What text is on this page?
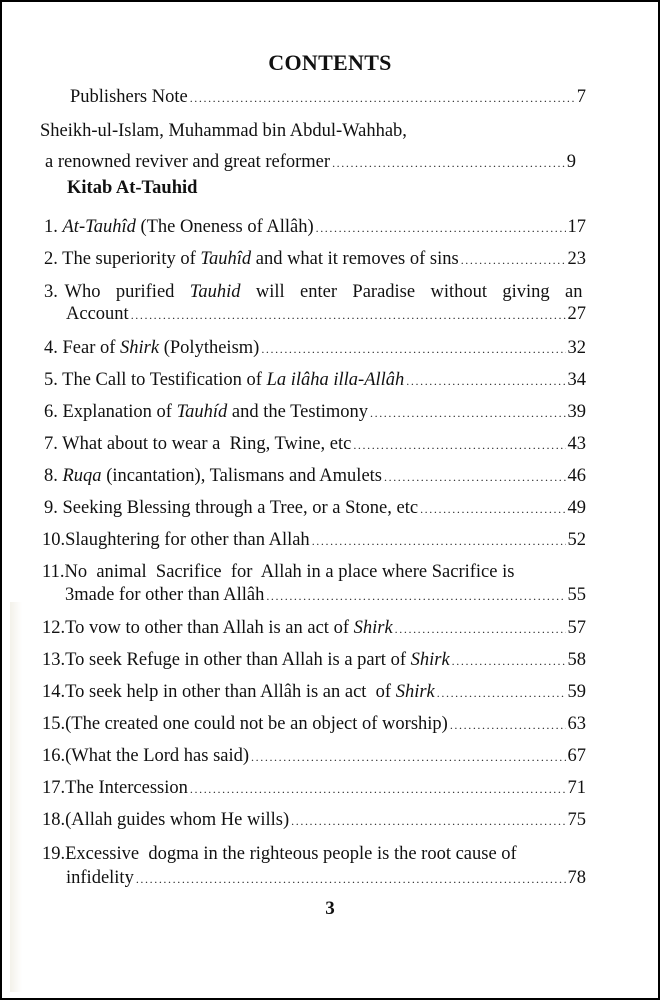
CONTENTS
Publishers Note .....	7
Sheikh-ul-Islam, Muhammad bin Abdul-Wahhab,
a renowned reviver and great reformer .....	9
Kitab At-Tauhid
1. At-Tauhîd (The Oneness of Allâh) .....	17
2. The superiority of Tauhîd and what it removes of sins .....	23
3. Who purified Tauhid will enter Paradise without giving an
Account .....	27
4. Fear of Shirk (Polytheism) .....	32
5. The Call to Testification of La ilâha illa-Allâh .....	34
6. Explanation of Tauhíd and the Testimony .....	39
7. What about to wear a  Ring, Twine, etc .....	43
8. Ruqa (incantation), Talismans and Amulets .....	46
9. Seeking Blessing through a Tree, or a Stone, etc .....	49
10.Slaughtering for other than Allah .....	52
11.No  animal  Sacrifice  for  Allah in a place where Sacrifice is
3made for other than Allâh .....	55
12.To vow to other than Allah is an act of Shirk .....	57
13.To seek Refuge in other than Allah is a part of Shirk .....	58
14.To seek help in other than Allâh is an act  of Shirk .....	59
15.(The created one could not be an object of worship) .....	63
16.(What the Lord has said) .....	67
17.The Intercession .....	71
18.(Allah guides whom He wills) .....	75
19.Excessive  dogma in the righteous people is the root cause of
infidelity .....	78
3
